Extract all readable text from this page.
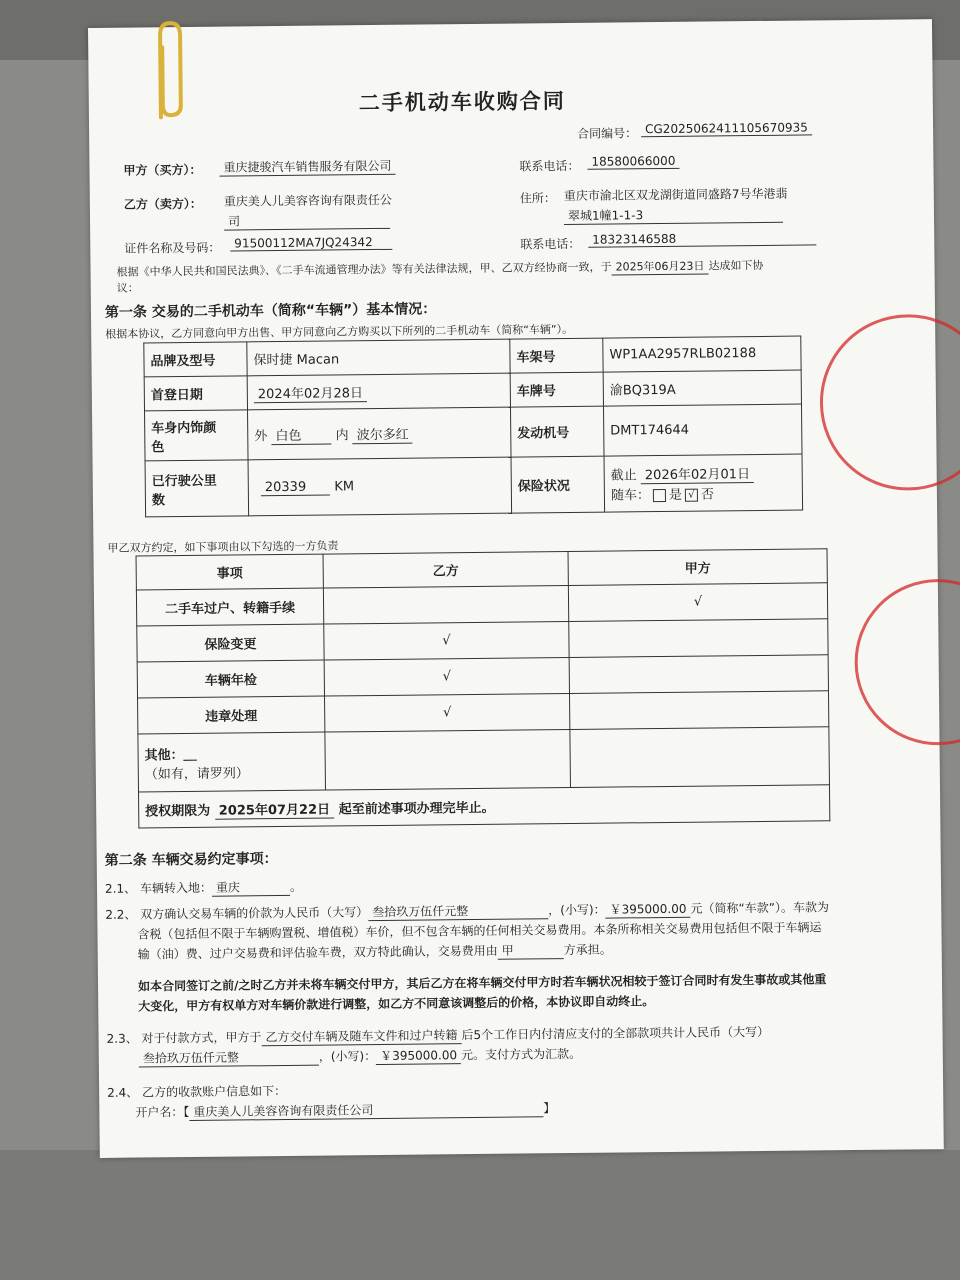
二手机动车收购合同
合同编号： CG2025062411105670935
甲方（买方）：	重庆捷骏汽车销售服务有限公司	联系电话： 18580066000
乙方（卖方）： 重庆美人儿美容咨询有限责任公
司
住所： 重庆市渝北区双龙湖街道同盛路7号华港翡
翠城1幢1-1-3
证件名称及号码：	91500112MA7JQ24342	联系电话： 18323146588
根据《中华人民共和国民法典》、《二手车流通管理办法》等有关法律法规，甲、乙双方经协商一致，于 2025年06月23日 达成如下协
议：
第一条 交易的二手机动车（简称“车辆”）基本情况：
根据本协议，乙方同意向甲方出售、甲方同意向乙方购买以下所列的二手机动车（简称“车辆”）。
品牌及型号	保时捷 Macan	车架号	WP1AA2957RLB02188
首登日期	2024年02月28日	车牌号	渝BQ319A
车身内饰颜
色	外 白色 内 波尔多红	发动机号	DMT174644
已行驶公里
数	20339 KM	保险状况	截止 2026年02月01日
随车： 是 √ 否
甲乙双方约定，如下事项由以下勾选的一方负责
事项	乙方	甲方
二手车过户、转籍手续		√
保险变更	√	
车辆年检	√	
违章处理	√	
其他：＿
（如有，请罗列）		
授权期限为 2025年07月22日 起至前述事项办理完毕止。		
第二条 车辆交易约定事项：
2.1、 车辆转入地： 重庆	。
2.2、 双方确认交易车辆的价款为人民币（大写） 叁拾玖万伍仟元整	，(小写)： ￥395000.00 元（简称“车款”）。车款为
含税（包括但不限于车辆购置税、增值税）车价，但不包含车辆的任何相关交易费用。本条所称相关交易费用包括但不限于车辆运
输（油）费、过户交易费和评估验车费，双方特此确认，交易费用由 甲	方承担。
如本合同签订之前/之时乙方并未将车辆交付甲方，其后乙方在将车辆交付甲方时若车辆状况相较于签订合同时有发生事故或其他重
大变化，甲方有权单方对车辆价款进行调整，如乙方不同意该调整后的价格，本协议即自动终止。
2.3、 对于付款方式，甲方于 乙方交付车辆及随车文件和过户转籍 后5个工作日内付清应支付的全部款项共计人民币（大写）
叁拾玖万伍仟元整	，(小写)： ￥395000.00 元。支付方式为汇款。
2.4、 乙方的收款账户信息如下：
开户名：【 重庆美人儿美容咨询有限责任公司	】
